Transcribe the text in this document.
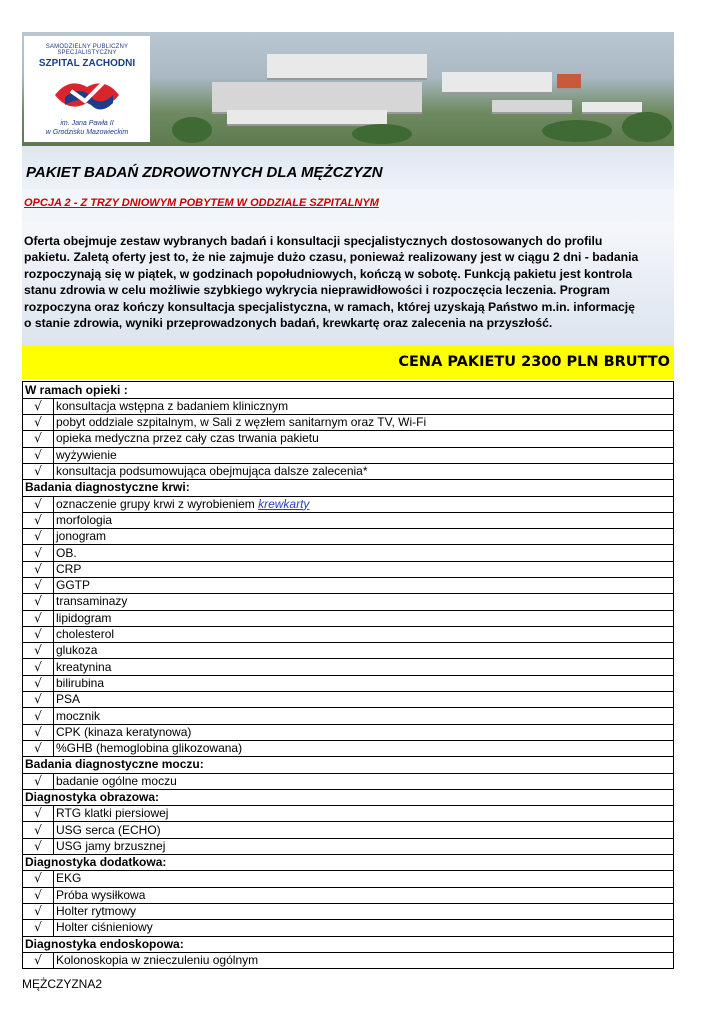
SAMODZIELNY PUBLICZNY SPECJALISTYCZNY
SZPITAL ZACHODNI
im. Jana Pawła II
w Grodzisku Mazowieckim
PAKIET BADAŃ ZDROWOTNYCH DLA MĘŻCZYZN
OPCJA 2 - Z TRZY DNIOWYM POBYTEM W ODDZIALE SZPITALNYM
Oferta obejmuje zestaw wybranych badań i konsultacji specjalistycznych dostosowanych do profilu
pakietu. Zaletą oferty jest to, że nie zajmuje dużo czasu, ponieważ realizowany jest w ciągu 2 dni - badania
rozpoczynają się w piątek, w godzinach popołudniowych, kończą w sobotę. Funkcją pakietu jest kontrola
stanu zdrowia w celu możliwie szybkiego wykrycia nieprawidłowości i rozpoczęcia leczenia. Program
rozpoczyna oraz kończy konsultacja specjalistyczna, w ramach, której uzyskają Państwo m.in. informację
o stanie zdrowia, wyniki przeprowadzonych badań, krewkartę oraz zalecenia na przyszłość.
CENA PAKIETU 2300 PLN BRUTTO
W ramach opieki :	
√	konsultacja wstępna z badaniem klinicznym
√	pobyt oddziale szpitalnym, w Sali z węzłem sanitarnym oraz TV, Wi-Fi
√	opieka medyczna przez cały czas trwania pakietu
√	wyżywienie
√	konsultacja podsumowująca obejmująca dalsze zalecenia*
Badania diagnostyczne krwi:	
√	oznaczenie grupy krwi z wyrobieniem krewkarty
√	morfologia
√	jonogram
√	OB.
√	CRP
√	GGTP
√	transaminazy
√	lipidogram
√	cholesterol
√	glukoza
√	kreatynina
√	bilirubina
√	PSA
√	mocznik
√	CPK (kinaza keratynowa)
√	%GHB (hemoglobina glikozowana)
Badania diagnostyczne moczu:	
√	badanie ogólne moczu
Diagnostyka obrazowa:	
√	RTG klatki piersiowej
√	USG serca (ECHO)
√	USG jamy brzusznej
Diagnostyka dodatkowa:	
√	EKG
√	Próba wysiłkowa
√	Holter rytmowy
√	Holter ciśnieniowy
Diagnostyka endoskopowa:	
√	Kolonoskopia w znieczuleniu ogólnym
MĘŻCZYZNA2
